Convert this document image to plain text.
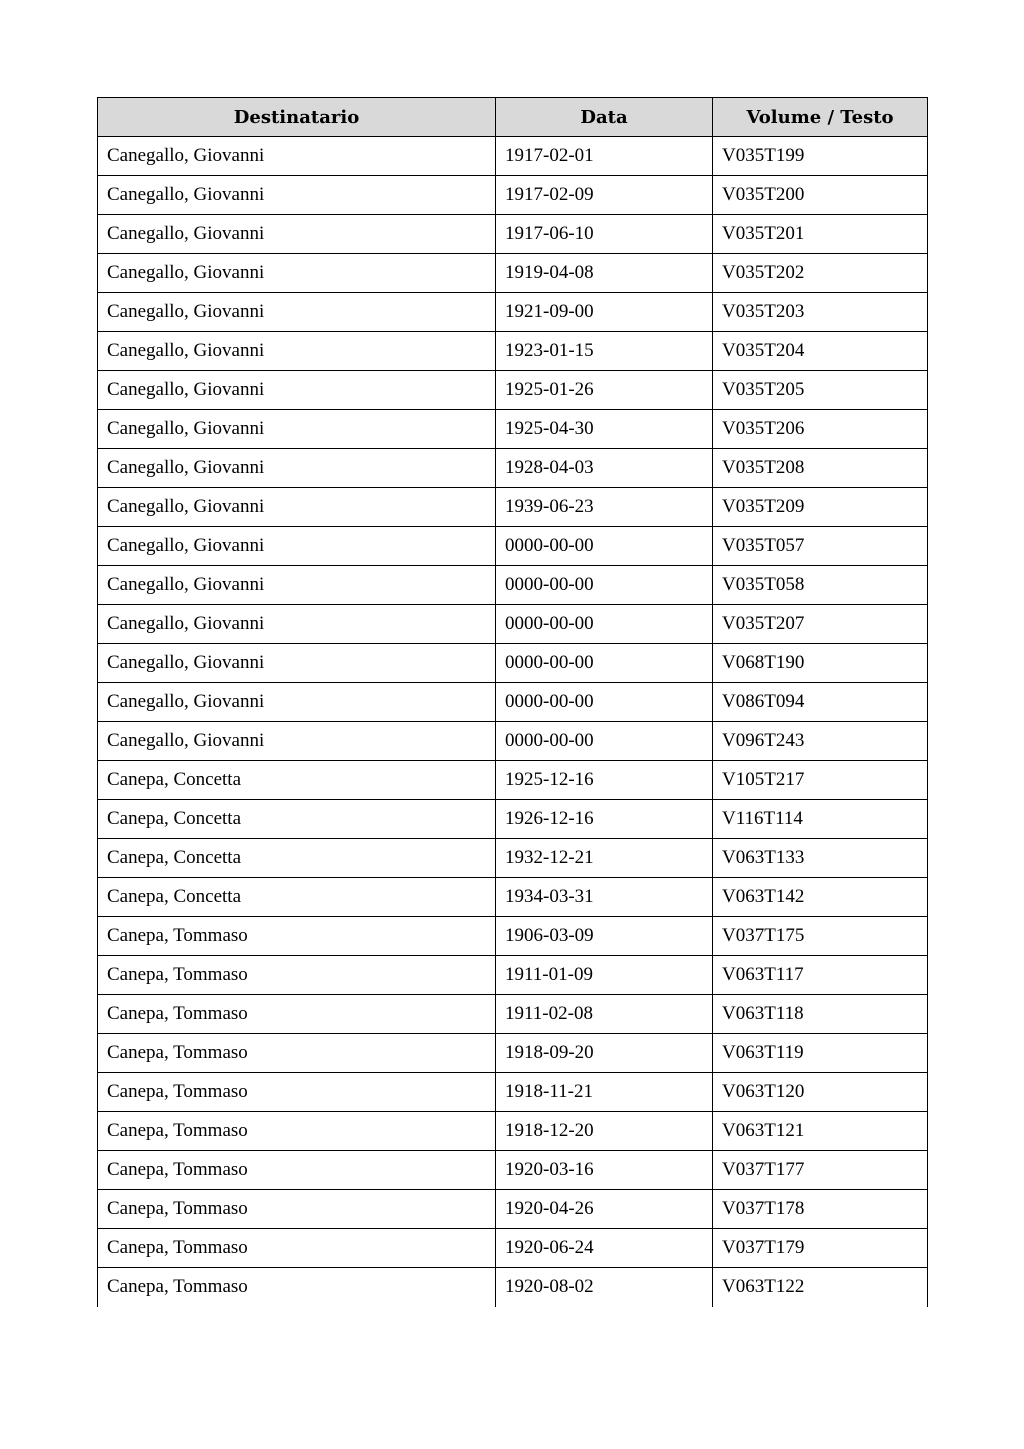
Destinatario	Data	Volume / Testo
Canegallo, Giovanni	1917-02-01	V035T199
Canegallo, Giovanni	1917-02-09	V035T200
Canegallo, Giovanni	1917-06-10	V035T201
Canegallo, Giovanni	1919-04-08	V035T202
Canegallo, Giovanni	1921-09-00	V035T203
Canegallo, Giovanni	1923-01-15	V035T204
Canegallo, Giovanni	1925-01-26	V035T205
Canegallo, Giovanni	1925-04-30	V035T206
Canegallo, Giovanni	1928-04-03	V035T208
Canegallo, Giovanni	1939-06-23	V035T209
Canegallo, Giovanni	0000-00-00	V035T057
Canegallo, Giovanni	0000-00-00	V035T058
Canegallo, Giovanni	0000-00-00	V035T207
Canegallo, Giovanni	0000-00-00	V068T190
Canegallo, Giovanni	0000-00-00	V086T094
Canegallo, Giovanni	0000-00-00	V096T243
Canepa, Concetta	1925-12-16	V105T217
Canepa, Concetta	1926-12-16	V116T114
Canepa, Concetta	1932-12-21	V063T133
Canepa, Concetta	1934-03-31	V063T142
Canepa, Tommaso	1906-03-09	V037T175
Canepa, Tommaso	1911-01-09	V063T117
Canepa, Tommaso	1911-02-08	V063T118
Canepa, Tommaso	1918-09-20	V063T119
Canepa, Tommaso	1918-11-21	V063T120
Canepa, Tommaso	1918-12-20	V063T121
Canepa, Tommaso	1920-03-16	V037T177
Canepa, Tommaso	1920-04-26	V037T178
Canepa, Tommaso	1920-06-24	V037T179
Canepa, Tommaso	1920-08-02	V063T122
